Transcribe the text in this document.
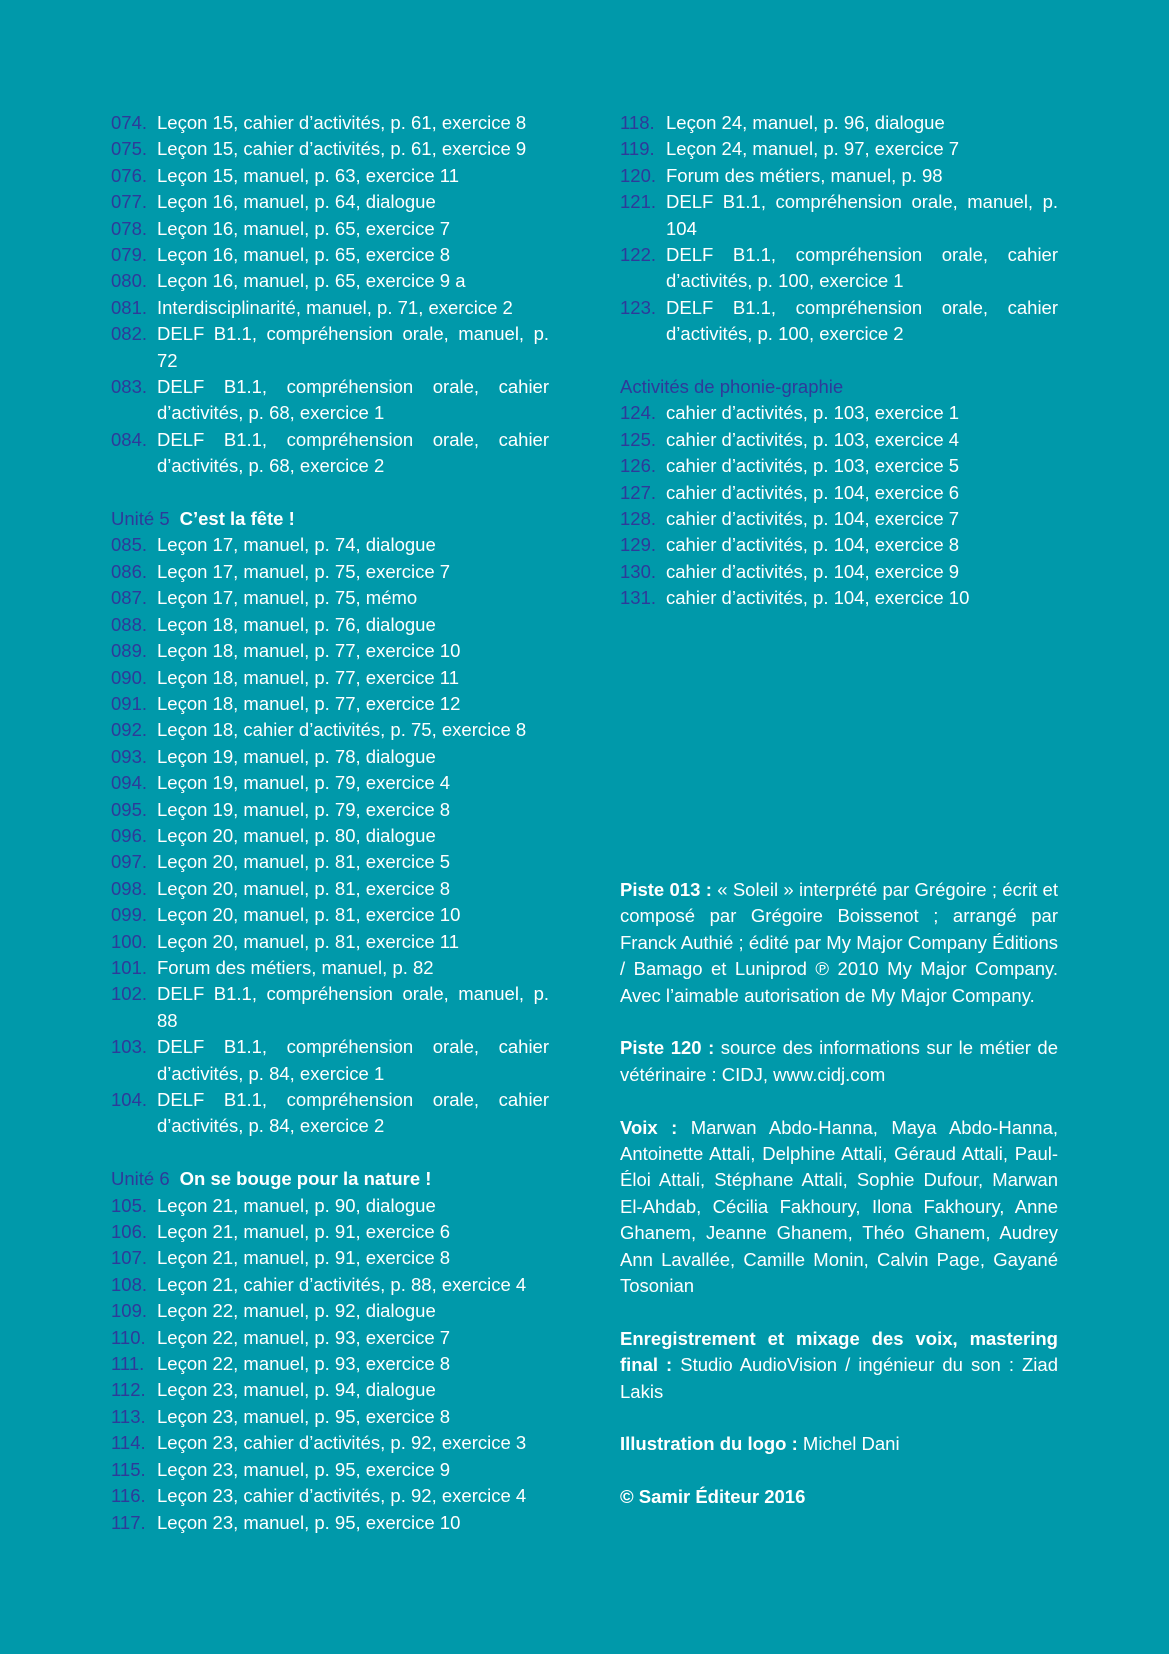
074. Leçon 15, cahier d’activités, p. 61, exercice 8
075. Leçon 15, cahier d’activités, p. 61, exercice 9
076. Leçon 15, manuel, p. 63, exercice 11
077. Leçon 16, manuel, p. 64, dialogue
078. Leçon 16, manuel, p. 65, exercice 7
079. Leçon 16, manuel, p. 65, exercice 8
080. Leçon 16, manuel, p. 65, exercice 9 a
081. Interdisciplinarité, manuel, p. 71, exercice 2
082. DELF B1.1, compréhension orale, manuel, p. 72
083. DELF B1.1, compréhension orale, cahier d’activités, p. 68, exercice 1
084. DELF B1.1, compréhension orale, cahier d’activités, p. 68, exercice 2
Unité 5 C’est la fête !
085. Leçon 17, manuel, p. 74, dialogue
086. Leçon 17, manuel, p. 75, exercice 7
087. Leçon 17, manuel, p. 75, mémo
088. Leçon 18, manuel, p. 76, dialogue
089. Leçon 18, manuel, p. 77, exercice 10
090. Leçon 18, manuel, p. 77, exercice 11
091. Leçon 18, manuel, p. 77, exercice 12
092. Leçon 18, cahier d’activités, p. 75, exercice 8
093. Leçon 19, manuel, p. 78, dialogue
094. Leçon 19, manuel, p. 79, exercice 4
095. Leçon 19, manuel, p. 79, exercice 8
096. Leçon 20, manuel, p. 80, dialogue
097. Leçon 20, manuel, p. 81, exercice 5
098. Leçon 20, manuel, p. 81, exercice 8
099. Leçon 20, manuel, p. 81, exercice 10
100. Leçon 20, manuel, p. 81, exercice 11
101. Forum des métiers, manuel, p. 82
102. DELF B1.1, compréhension orale, manuel, p. 88
103. DELF B1.1, compréhension orale, cahier d’activités, p. 84, exercice 1
104. DELF B1.1, compréhension orale, cahier d’activités, p. 84, exercice 2
Unité 6 On se bouge pour la nature !
105. Leçon 21, manuel, p. 90, dialogue
106. Leçon 21, manuel, p. 91, exercice 6
107. Leçon 21, manuel, p. 91, exercice 8
108. Leçon 21, cahier d’activités, p. 88, exercice 4
109. Leçon 22, manuel, p. 92, dialogue
110. Leçon 22, manuel, p. 93, exercice 7
111. Leçon 22, manuel, p. 93, exercice 8
112. Leçon 23, manuel, p. 94, dialogue
113. Leçon 23, manuel, p. 95, exercice 8
114. Leçon 23, cahier d’activités, p. 92, exercice 3
115. Leçon 23, manuel, p. 95, exercice 9
116. Leçon 23, cahier d’activités, p. 92, exercice 4
117. Leçon 23, manuel, p. 95, exercice 10
118. Leçon 24, manuel, p. 96, dialogue
119. Leçon 24, manuel, p. 97, exercice 7
120. Forum des métiers, manuel, p. 98
121. DELF B1.1, compréhension orale, manuel, p. 104
122. DELF B1.1, compréhension orale, cahier d’activités, p. 100, exercice 1
123. DELF B1.1, compréhension orale, cahier d’activités, p. 100, exercice 2
Activités de phonie-graphie
124. cahier d’activités, p. 103, exercice 1
125. cahier d’activités, p. 103, exercice 4
126. cahier d’activités, p. 103, exercice 5
127. cahier d’activités, p. 104, exercice 6
128. cahier d’activités, p. 104, exercice 7
129. cahier d’activités, p. 104, exercice 8
130. cahier d’activités, p. 104, exercice 9
131. cahier d’activités, p. 104, exercice 10
Piste 013 : « Soleil » interprété par Grégoire ; écrit et composé par Grégoire Boissenot ; arrangé par Franck Authié ; édité par My Major Company Éditions / Bamago et Luniprod ℗ 2010 My Major Company. Avec l’aimable autorisation de My Major Company.
Piste 120 : source des informations sur le métier de vétérinaire : CIDJ, www.cidj.com
Voix : Marwan Abdo-Hanna, Maya Abdo-Hanna, Antoinette Attali, Delphine Attali, Géraud Attali, Paul-Éloi Attali, Stéphane Attali, Sophie Dufour, Marwan El-Ahdab, Cécilia Fakhoury, Ilona Fakhoury, Anne Ghanem, Jeanne Ghanem, Théo Ghanem, Audrey Ann Lavallée, Camille Monin, Calvin Page, Gayané Tosonian
Enregistrement et mixage des voix, mastering final : Studio AudioVision / ingénieur du son : Ziad Lakis
Illustration du logo : Michel Dani
© Samir Éditeur 2016
